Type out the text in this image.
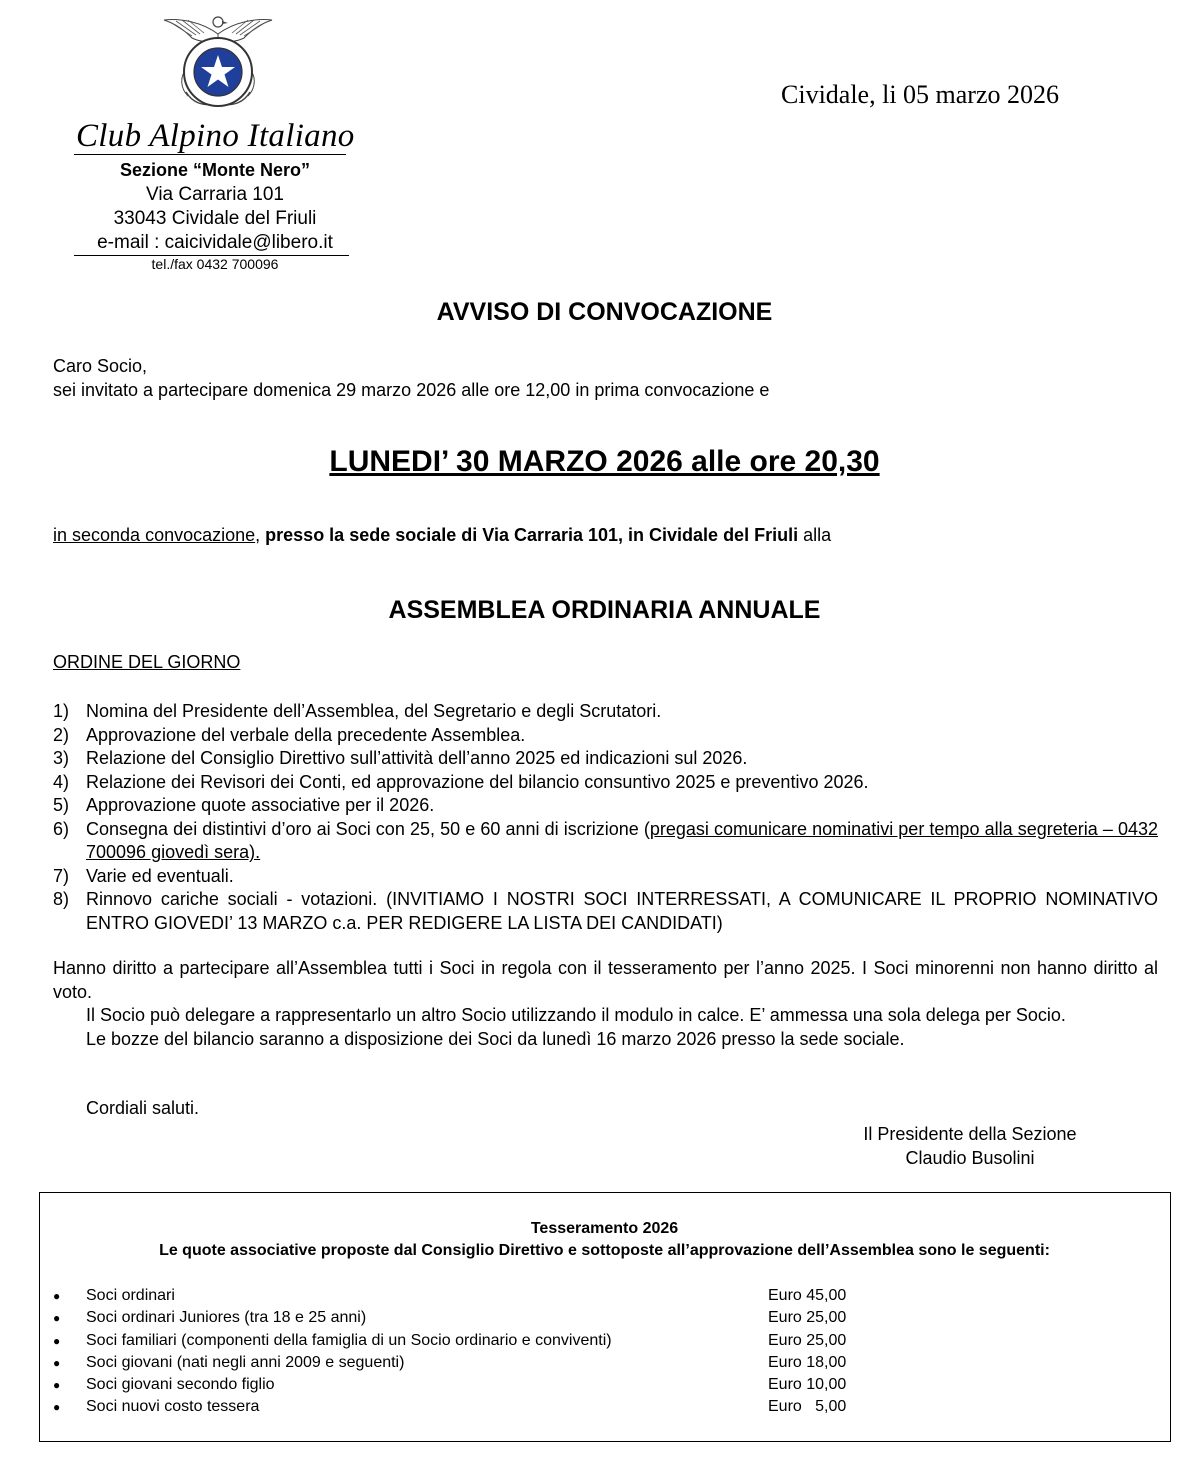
Club Alpino Italiano
Sezione “Monte Nero”
Via Carraria 101
33043 Cividale del Friuli
e-mail : caicividale@libero.it
tel./fax 0432 700096
Cividale, li 05 marzo 2026
AVVISO DI CONVOCAZIONE
Caro Socio,
sei invitato a partecipare domenica 29 marzo 2026 alle ore 12,00 in prima convocazione e
LUNEDI’ 30 MARZO 2026 alle ore 20,30
in seconda convocazione, presso la sede sociale di Via Carraria 101, in Cividale del Friuli alla
ASSEMBLEA ORDINARIA ANNUALE
ORDINE DEL GIORNO
1) Nomina del Presidente dell’Assemblea, del Segretario e degli Scrutatori.
2) Approvazione del verbale della precedente Assemblea.
3) Relazione del Consiglio Direttivo sull’attività dell’anno 2025 ed indicazioni sul 2026.
4) Relazione dei Revisori dei Conti, ed approvazione del bilancio consuntivo 2025 e preventivo 2026.
5) Approvazione quote associative per il 2026.
6) Consegna dei distintivi d’oro ai Soci con 25, 50 e 60 anni di iscrizione (pregasi comunicare nominativi per tempo alla segreteria – 0432 700096 giovedì sera).
7) Varie ed eventuali.
8) Rinnovo cariche sociali - votazioni. (INVITIAMO I NOSTRI SOCI INTERRESSATI, A COMUNICARE IL PROPRIO NOMINATIVO ENTRO GIOVEDI’ 13 MARZO c.a. PER REDIGERE LA LISTA DEI CANDIDATI)

Hanno diritto a partecipare all’Assemblea tutti i Soci in regola con il tesseramento per l’anno 2025. I Soci minorenni non hanno diritto al voto.

Il Socio può delegare a rappresentarlo un altro Socio utilizzando il modulo in calce. E’ ammessa una sola delega per Socio.

Le bozze del bilancio saranno a disposizione dei Soci da lunedì 16 marzo 2026 presso la sede sociale.

Cordiali saluti.
Il Presidente della Sezione
Claudio Busolini
Tesseramento 2026
Le quote associative proposte dal Consiglio Direttivo e sottoposte all’approvazione dell’Assemblea sono le seguenti:
● Soci ordinari	Euro 45,00
● Soci ordinari Juniores (tra 18 e 25 anni)	Euro 25,00
● Soci familiari (componenti della famiglia di un Socio ordinario e conviventi)	Euro 25,00
● Soci giovani (nati negli anni 2009 e seguenti)	Euro 18,00
● Soci giovani secondo figlio	Euro 10,00
● Soci nuovi costo tessera	Euro   5,00
